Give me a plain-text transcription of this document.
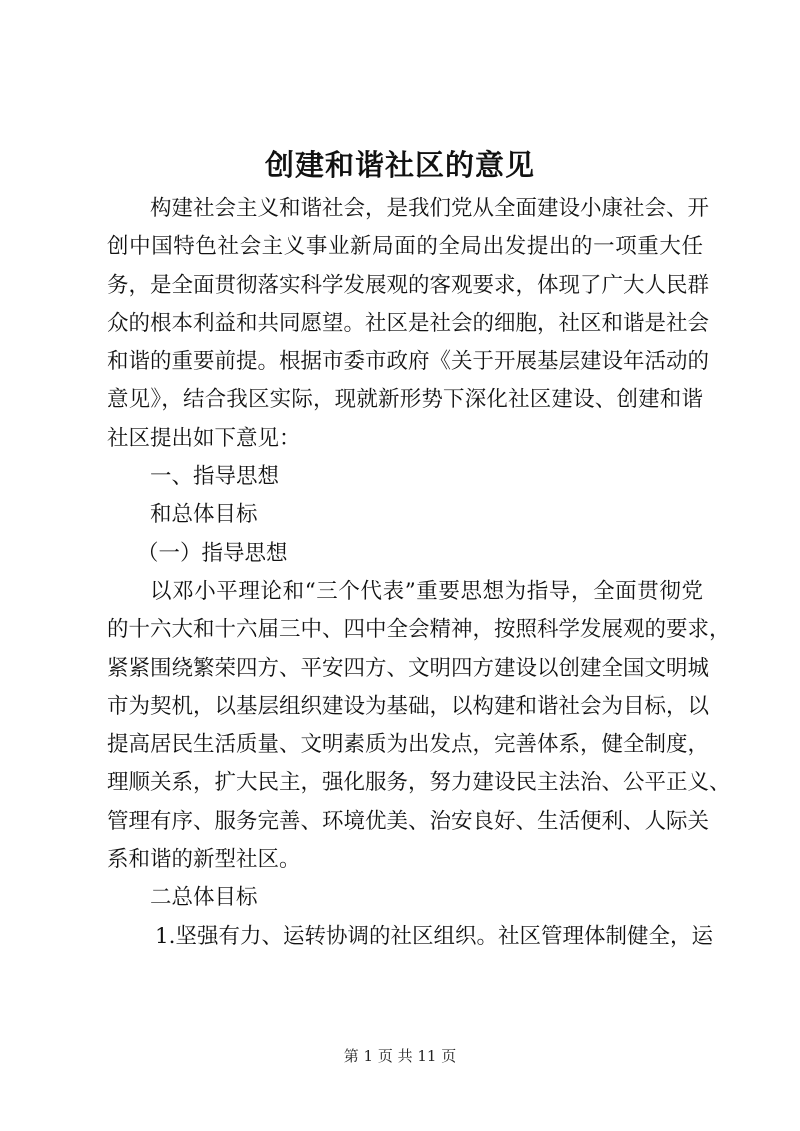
创建和谐社区的意见
构建社会主义和谐社会，是我们党从全面建设小康社会、开
创中国特色社会主义事业新局面的全局出发提出的一项重大任
务，是全面贯彻落实科学发展观的客观要求，体现了广大人民群
众的根本利益和共同愿望。社区是社会的细胞，社区和谐是社会
和谐的重要前提。根据市委市政府《关于开展基层建设年活动的
意见》，结合我区实际，现就新形势下深化社区建设、创建和谐
社区提出如下意见：
一、指导思想
和总体目标
（一）指导思想
以邓小平理论和“三个代表”重要思想为指导，全面贯彻党
的十六大和十六届三中、四中全会精神，按照科学发展观的要求，
紧紧围绕繁荣四方、平安四方、文明四方建设以创建全国文明城
市为契机，以基层组织建设为基础，以构建和谐社会为目标，以
提高居民生活质量、文明素质为出发点，完善体系，健全制度，
理顺关系，扩大民主，强化服务，努力建设民主法治、公平正义、
管理有序、服务完善、环境优美、治安良好、生活便利、人际关
系和谐的新型社区。
二总体目标
1.坚强有力、运转协调的社区组织。社区管理体制健全，运
第 1 页 共 11 页
